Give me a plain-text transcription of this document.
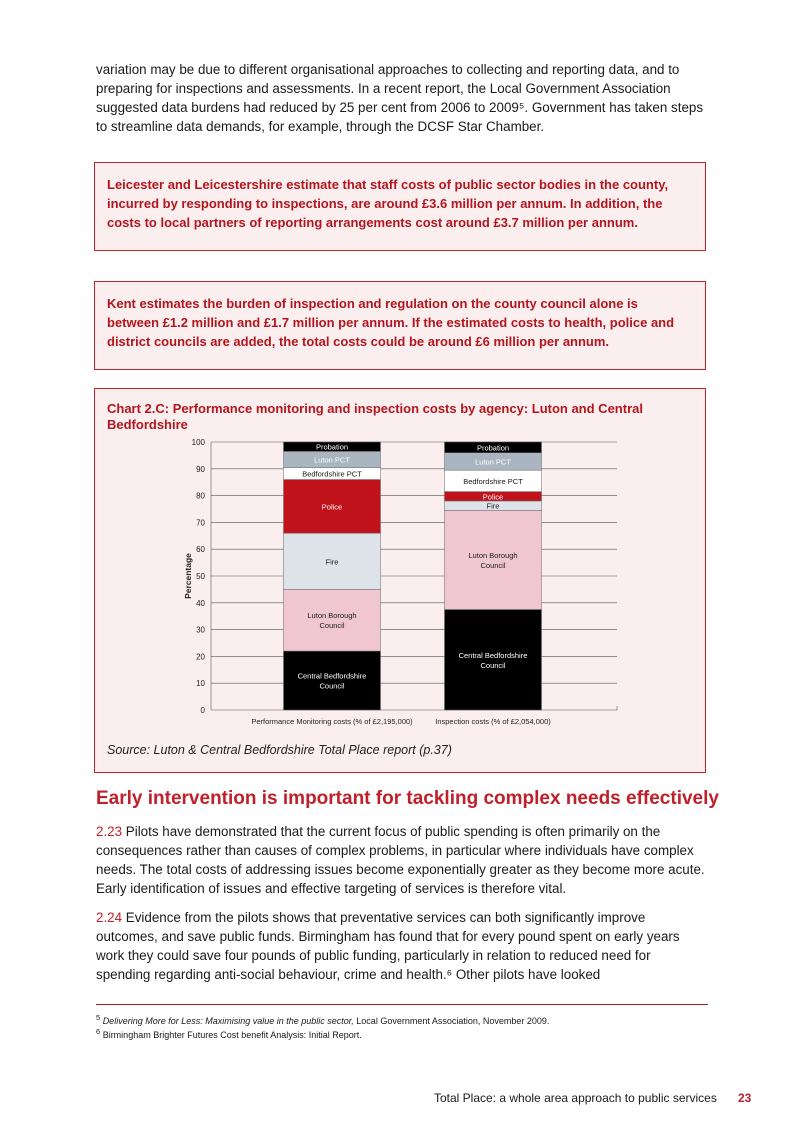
variation may be due to different organisational approaches to collecting and reporting data, and to preparing for inspections and assessments. In a recent report, the Local Government Association suggested data burdens had reduced by 25 per cent from 2006 to 2009⁵. Government has taken steps to streamline data demands, for example, through the DCSF Star Chamber.

Leicester and Leicestershire estimate that staff costs of public sector bodies in the county, incurred by responding to inspections, are around £3.6 million per annum. In addition, the costs to local partners of reporting arrangements cost around £3.7 million per annum.

Kent estimates the burden of inspection and regulation on the county council alone is between £1.2 million and £1.7 million per annum. If the estimated costs to health, police and district councils are added, the total costs could be around £6 million per annum.

Chart 2.C: Performance monitoring and inspection costs by agency: Luton and Central Bedfordshire

0
10
20
30
40
50
60
70
80
90
100
Percentage
Central Bedfordshire
Council
Luton Borough
Council
Fire
Police
Bedfordshire PCT
Luton PCT
Probation
Performance Monitoring costs (% of £2,195,000)
Central Bedfordshire
Council
Luton Borough
Council
Fire
Police
Bedfordshire PCT
Luton PCT
Probation
Inspection costs (% of £2,054,000)

Source: Luton & Central Bedfordshire Total Place report (p.37)

Early intervention is important for tackling complex needs effectively

2.23 Pilots have demonstrated that the current focus of public spending is often primarily on the consequences rather than causes of complex problems, in particular where individuals have complex needs. The total costs of addressing issues become exponentially greater as they become more acute. Early identification of issues and effective targeting of services is therefore vital.

2.24 Evidence from the pilots shows that preventative services can both significantly improve outcomes, and save public funds. Birmingham has found that for every pound spent on early years work they could save four pounds of public funding, particularly in relation to reduced need for spending regarding anti-social behaviour, crime and health.⁶ Other pilots have looked

$^5$ Delivering More for Less: Maximising value in the public sector, Local Government Association, November 2009.

$^6$ Birmingham Brighter Futures Cost benefit Analysis: Initial Report.

Total Place: a whole area approach to public services 23
